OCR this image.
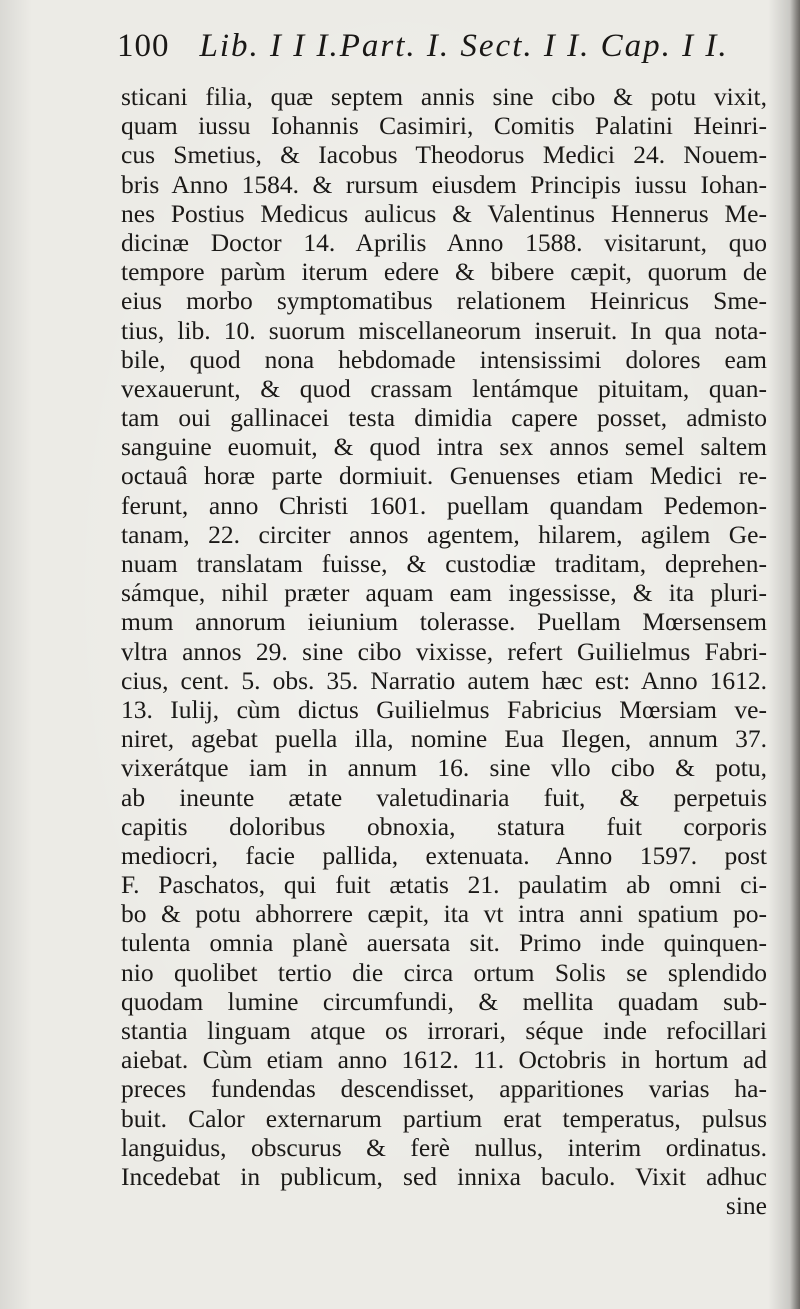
100 Lib. I I I.Part. I. Sect. I I. Cap. I I.
sticani filia, quæ septem annis sine cibo & potu vixit,
quam iussu Iohannis Casimiri, Comitis Palatini Heinri-
cus Smetius, & Iacobus Theodorus Medici 24. Nouem-
bris Anno 1584. & rursum eiusdem Principis iussu Iohan-
nes Postius Medicus aulicus & Valentinus Hennerus Me-
dicinæ Doctor 14. Aprilis Anno 1588. visitarunt, quo
tempore parùm iterum edere & bibere cæpit, quorum de
eius morbo symptomatibus relationem Heinricus Sme-
tius, lib. 10. suorum miscellaneorum inseruit. In qua nota-
bile, quod nona hebdomade intensissimi dolores eam
vexauerunt, & quod crassam lentámque pituitam, quan-
tam oui gallinacei testa dimidia capere posset, admisto
sanguine euomuit, & quod intra sex annos semel saltem
octauâ horæ parte dormiuit. Genuenses etiam Medici re-
ferunt, anno Christi 1601. puellam quandam Pedemon-
tanam, 22. circiter annos agentem, hilarem, agilem Ge-
nuam translatam fuisse, & custodiæ traditam, deprehen-
sámque, nihil præter aquam eam ingessisse, & ita pluri-
mum annorum ieiunium tolerasse. Puellam Mœrsensem
vltra annos 29. sine cibo vixisse, refert Guilielmus Fabri-
cius, cent. 5. obs. 35. Narratio autem hæc est: Anno 1612.
13. Iulij, cùm dictus Guilielmus Fabricius Mœrsiam ve-
niret, agebat puella illa, nomine Eua Ilegen, annum 37.
vixerátque iam in annum 16. sine vllo cibo & potu,
ab ineunte ætate valetudinaria fuit, & perpetuis
capitis doloribus obnoxia, statura fuit corporis
mediocri, facie pallida, extenuata. Anno 1597. post
F. Paschatos, qui fuit ætatis 21. paulatim ab omni ci-
bo & potu abhorrere cæpit, ita vt intra anni spatium po-
tulenta omnia planè auersata sit. Primo inde quinquen-
nio quolibet tertio die circa ortum Solis se splendido
quodam lumine circumfundi, & mellita quadam sub-
stantia linguam atque os irrorari, séque inde refocillari
aiebat. Cùm etiam anno 1612. 11. Octobris in hortum ad
preces fundendas descendisset, apparitiones varias ha-
buit. Calor externarum partium erat temperatus, pulsus
languidus, obscurus & ferè nullus, interim ordinatus.
Incedebat in publicum, sed innixa baculo. Vixit adhuc
sine
